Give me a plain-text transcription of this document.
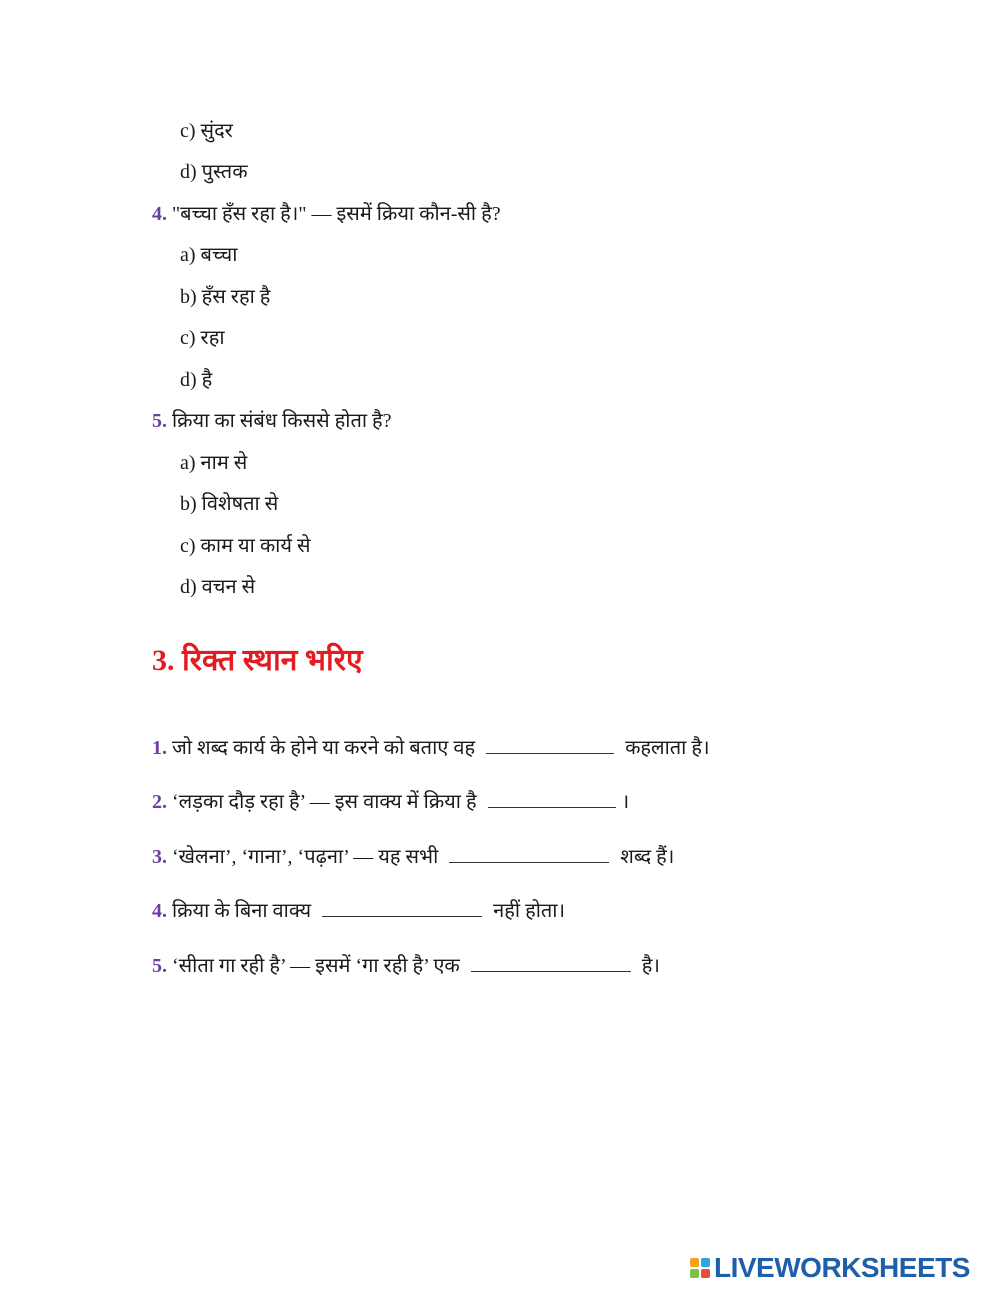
c) सुंदर
d) पुस्तक
4. "बच्चा हँस रहा है।" — इसमें क्रिया कौन-सी है?
a) बच्चा
b) हँस रहा है
c) रहा
d) है
5. क्रिया का संबंध किससे होता है?
a) नाम से
b) विशेषता से
c) काम या कार्य से
d) वचन से
3. रिक्त स्थान भरिए
1. जो शब्द कार्य के होने या करने को बताए वह	कहलाता है।
2. ‘लड़का दौड़ रहा है’ — इस वाक्य में क्रिया है	।
3. ‘खेलना’, ‘गाना’, ‘पढ़ना’ — यह सभी	शब्द हैं।
4. क्रिया के बिना वाक्य	नहीं होता।
5. ‘सीता गा रही है’ — इसमें ‘गा रही है’ एक	है।
LIVEWORKSHEETS
